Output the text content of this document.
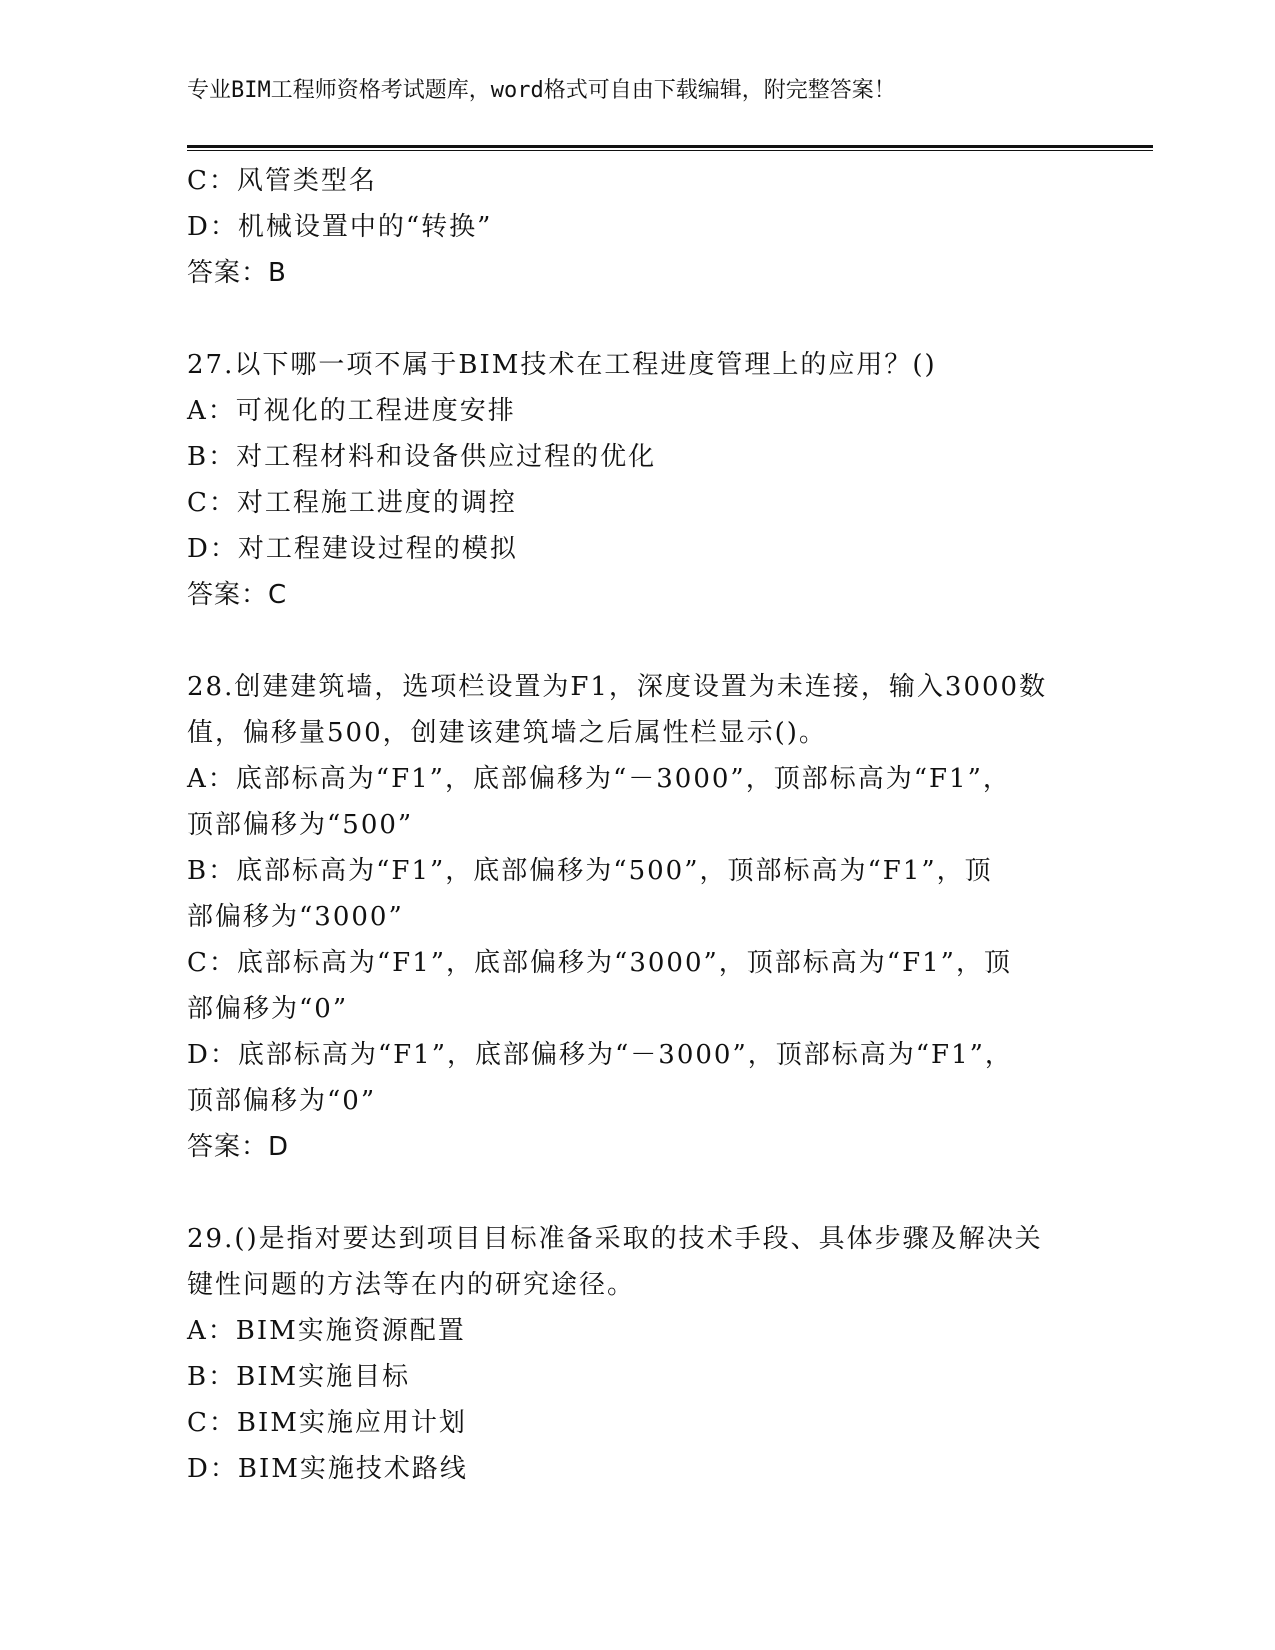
专业BIM工程师资格考试题库，word格式可自由下载编辑，附完整答案！
C：风管类型名
D：机械设置中的“转换”
答案：B
27.以下哪一项不属于BIM技术在工程进度管理上的应用？()
A：可视化的工程进度安排
B：对工程材料和设备供应过程的优化
C：对工程施工进度的调控
D：对工程建设过程的模拟
答案：C
28.创建建筑墙，选项栏设置为F1，深度设置为未连接，输入3000数
值，偏移量500，创建该建筑墙之后属性栏显示()。
A：底部标高为“F1”，底部偏移为“－3000”，顶部标高为“F1”，
顶部偏移为“500”
B：底部标高为“F1”，底部偏移为“500”，顶部标高为“F1”，顶
部偏移为“3000”
C：底部标高为“F1”，底部偏移为“3000”，顶部标高为“F1”，顶
部偏移为“0”
D：底部标高为“F1”，底部偏移为“－3000”，顶部标高为“F1”，
顶部偏移为“0”
答案：D
29.()是指对要达到项目目标准备采取的技术手段、具体步骤及解决关
键性问题的方法等在内的研究途径。
A：BIM实施资源配置
B：BIM实施目标
C：BIM实施应用计划
D：BIM实施技术路线
